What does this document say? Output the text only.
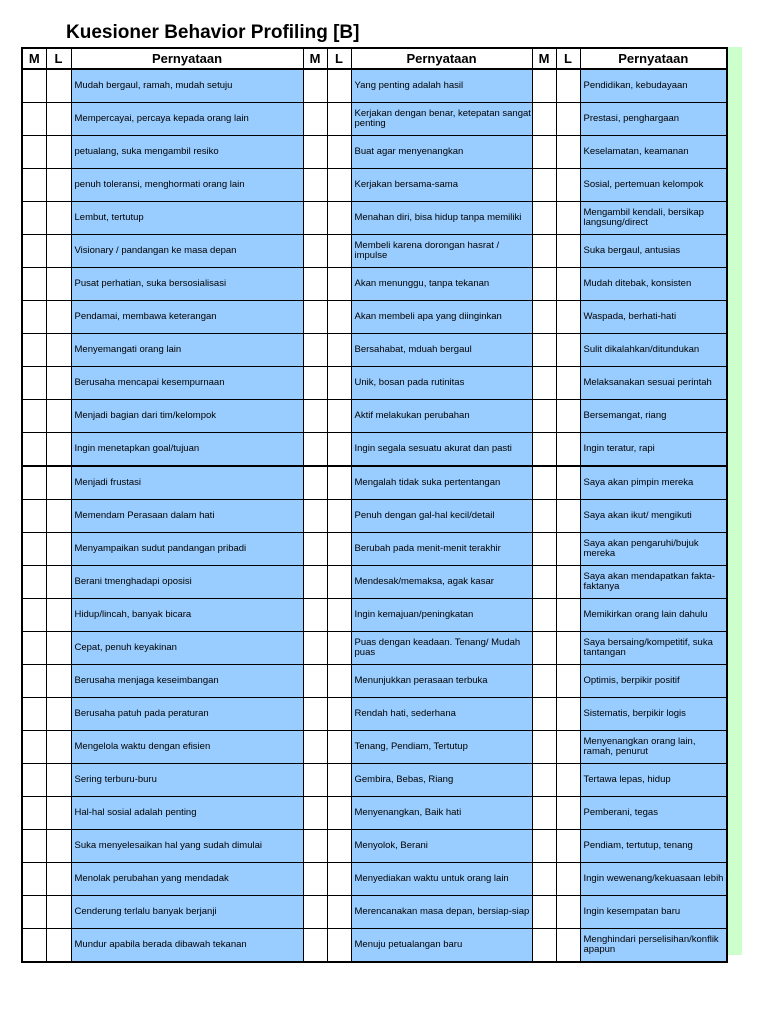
Kuesioner Behavior Profiling [B]
M	L	Pernyataan	M	L	Pernyataan	M	L	Pernyataan
		Mudah bergaul, ramah, mudah setuju			Yang penting adalah hasil			Pendidikan, kebudayaan
		Mempercayai, percaya kepada orang lain			Kerjakan dengan benar, ketepatan sangat penting			Prestasi, penghargaan
		petualang, suka mengambil resiko			Buat agar menyenangkan			Keselamatan, keamanan
		penuh toleransi, menghormati orang lain			Kerjakan bersama-sama			Sosial, pertemuan kelompok
		Lembut, tertutup			Menahan diri, bisa hidup tanpa memiliki			Mengambil kendali, bersikap langsung/direct
		Visionary / pandangan ke masa depan			Membeli karena dorongan hasrat / impulse			Suka bergaul, antusias
		Pusat perhatian, suka bersosialisasi			Akan menunggu, tanpa tekanan			Mudah ditebak, konsisten
		Pendamai, membawa keterangan			Akan membeli apa yang diinginkan			Waspada, berhati-hati
		Menyemangati orang lain			Bersahabat, mduah bergaul			Sulit dikalahkan/ditundukan
		Berusaha mencapai kesempurnaan			Unik, bosan pada rutinitas			Melaksanakan sesuai perintah
		Menjadi bagian dari tim/kelompok			Aktif melakukan perubahan			Bersemangat, riang
		Ingin menetapkan goal/tujuan			Ingin segala sesuatu akurat dan pasti			Ingin teratur, rapi
		Menjadi frustasi			Mengalah tidak suka pertentangan			Saya akan pimpin mereka
		Memendam Perasaan dalam hati			Penuh dengan gal-hal kecil/detail			Saya akan ikut/ mengikuti
		Menyampaikan sudut pandangan pribadi			Berubah pada menit-menit terakhir			Saya akan pengaruhi/bujuk mereka
		Berani tmenghadapi oposisi			Mendesak/memaksa, agak kasar			Saya akan mendapatkan fakta-faktanya
		Hidup/lincah, banyak bicara			Ingin kemajuan/peningkatan			Memikirkan orang lain dahulu
		Cepat, penuh keyakinan			Puas dengan keadaan. Tenang/ Mudah puas			Saya bersaing/kompetitif, suka tantangan
		Berusaha menjaga keseimbangan			Menunjukkan perasaan terbuka			Optimis, berpikir positif
		Berusaha patuh pada peraturan			Rendah hati, sederhana			Sistematis, berpikir logis
		Mengelola waktu dengan efisien			Tenang, Pendiam, Tertutup			Menyenangkan orang lain, ramah, penurut
		Sering terburu-buru			Gembira, Bebas, Riang			Tertawa lepas, hidup
		Hal-hal sosial adalah penting			Menyenangkan, Baik hati			Pemberani, tegas
		Suka menyelesaikan hal yang sudah dimulai			Menyolok, Berani			Pendiam, tertutup, tenang
		Menolak perubahan yang mendadak			Menyediakan waktu untuk orang lain			Ingin wewenang/kekuasaan lebih
		Cenderung terlalu banyak berjanji			Merencanakan masa depan, bersiap-siap			Ingin kesempatan baru
		Mundur apabila berada dibawah tekanan			Menuju petualangan baru			Menghindari perselisihan/konflik apapun
